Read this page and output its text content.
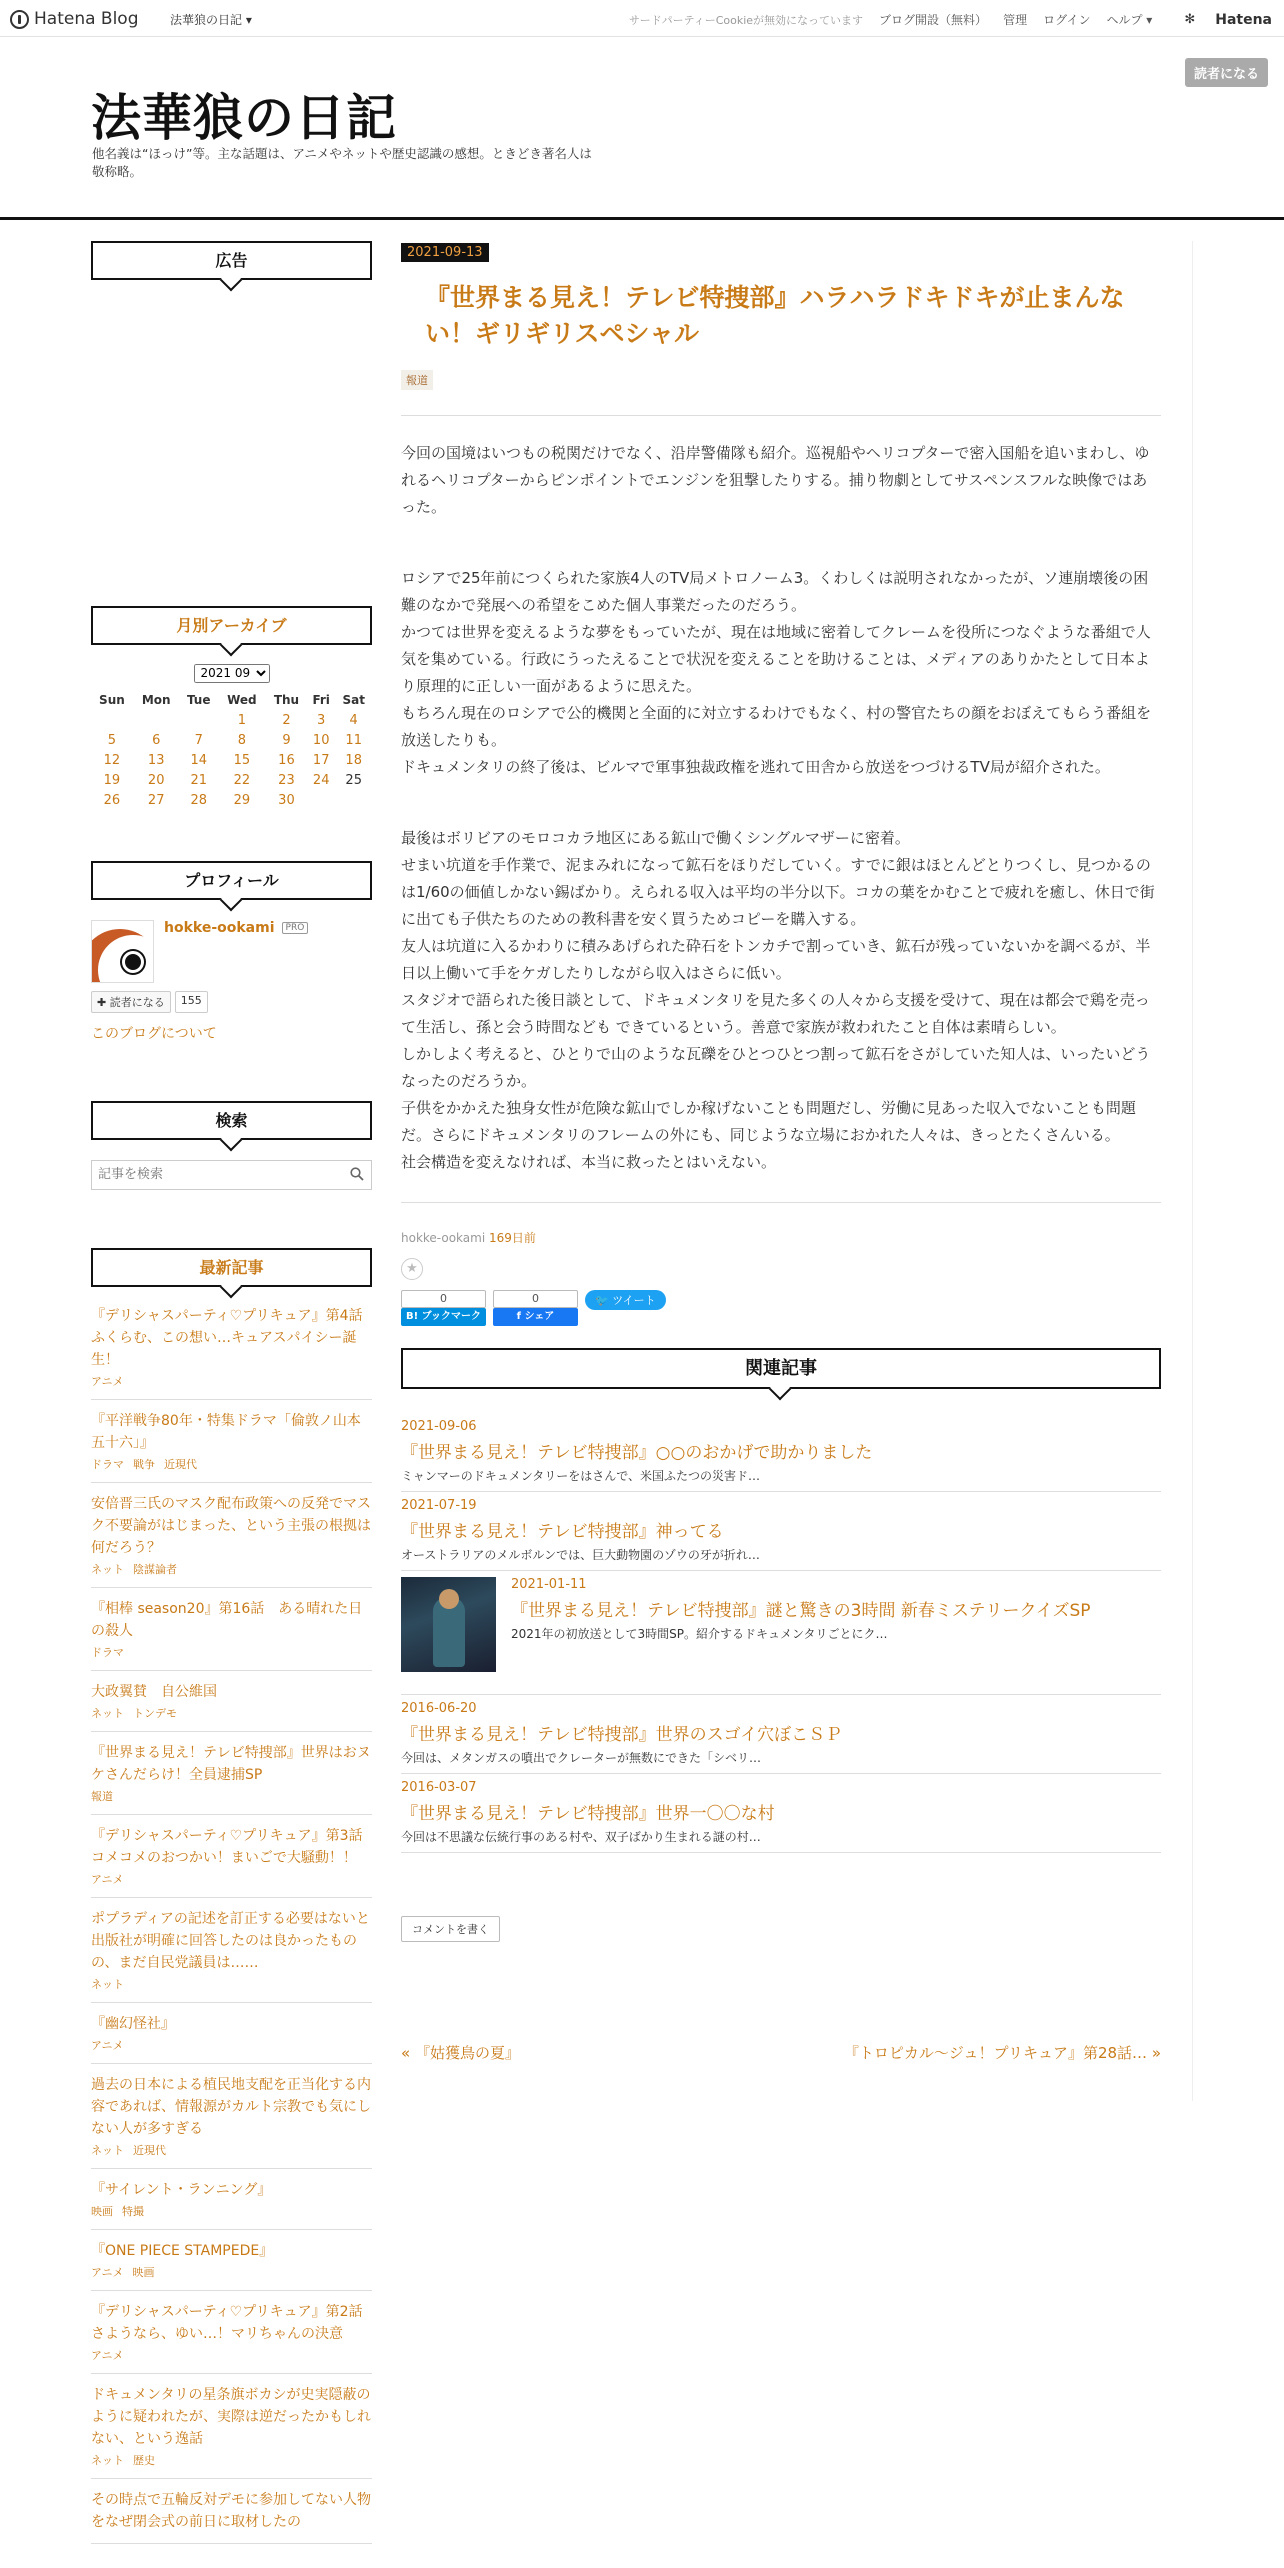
Hatena Blog	法華狼の日記 ▾	サードパーティーCookieが無効になっています ブログ開設（無料） 管理 ログイン ヘルプ ▾ ✻ Hatena
読者になる
法華狼の日記
他名義は“ほっけ”等。主な話題は、アニメやネットや歴史認識の感想。ときどき著名人は敬称略。
広告
月別アーカイブ
2021 09
Sun	Mon	Tue	Wed	Thu	Fri	Sat
			1	2	3	4
5	6	7	8	9	10	11
12	13	14	15	16	17	18
19	20	21	22	23	24	25
26	27	28	29	30		
プロフィール
hokke-ookami	PRO
✚ 読者になる	155
このブログについて
検索
記事を検索
最新記事
『デリシャスパーティ♡プリキュア』第4話　ふくらむ、この想い…キュアスパイシー誕生！
アニメ
『平洋戦争80年・特集ドラマ「倫敦ノ山本五十六」』
ドラマ 戦争 近現代
安倍晋三氏のマスク配布政策への反発でマスク不要論がはじまった、という主張の根拠は何だろう？
ネット 陰謀論者
『相棒 season20』第16話　ある晴れた日の殺人
ドラマ
大政翼賛　自公維国
ネット トンデモ
『世界まる見え！テレビ特捜部』世界はおヌケさんだらけ！全員逮捕SP
報道
『デリシャスパーティ♡プリキュア』第3話　コメコメのおつかい！まいごで大騒動！！
アニメ
ポプラディアの記述を訂正する必要はないと出版社が明確に回答したのは良かったものの、まだ自民党議員は……
ネット
『幽幻怪社』
アニメ
過去の日本による植民地支配を正当化する内容であれば、情報源がカルト宗教でも気にしない人が多すぎる
ネット 近現代
『サイレント・ランニング』
映画 特撮
『ONE PIECE STAMPEDE』
アニメ 映画
『デリシャスパーティ♡プリキュア』第2話　さようなら、ゆい…！マリちゃんの決意
アニメ
ドキュメンタリの星条旗ボカシが史実隠蔽のように疑われたが、実際は逆だったかもしれない、という逸話
ネット 歴史
その時点で五輪反対デモに参加してない人物をなぜ閉会式の前日に取材したの
2021-09-13
『世界まる見え！テレビ特捜部』ハラハラドキドキが止まんない！ギリギリスペシャル
報道

今回の国境はいつもの税関だけでなく、沿岸警備隊も紹介。巡視船やヘリコプターで密入国船を追いまわし、ゆれるヘリコプターからピンポイントでエンジンを狙撃したりする。捕り物劇としてサスペンスフルな映像ではあった。

ロシアで25年前につくられた家族4人のTV局メトロノーム3。くわしくは説明されなかったが、ソ連崩壊後の困難のなかで発展への希望をこめた個人事業だったのだろう。

かつては世界を変えるような夢をもっていたが、現在は地域に密着してクレームを役所につなぐような番組で人気を集めている。行政にうったえることで状況を変えることを助けることは、メディアのありかたとして日本より原理的に正しい一面があるように思えた。

もちろん現在のロシアで公的機関と全面的に対立するわけでもなく、村の警官たちの顔をおぼえてもらう番組を放送したりも。

ドキュメンタリの終了後は、ビルマで軍事独裁政権を逃れて田舎から放送をつづけるTV局が紹介された。

最後はボリビアのモロコカラ地区にある鉱山で働くシングルマザーに密着。

せまい坑道を手作業で、泥まみれになって鉱石をほりだしていく。すでに銀はほとんどとりつくし、見つかるのは1/60の価値しかない錫ばかり。えられる収入は平均の半分以下。コカの葉をかむことで疲れを癒し、休日で街に出ても子供たちのための教科書を安く買うためコピーを購入する。

友人は坑道に入るかわりに積みあげられた砕石をトンカチで割っていき、鉱石が残っていないかを調べるが、半日以上働いて手をケガしたりしながら収入はさらに低い。

スタジオで語られた後日談として、ドキュメンタリを見た多くの人々から支援を受けて、現在は都会で鶏を売って生活し、孫と会う時間なども できているという。善意で家族が救われたこと自体は素晴らしい。

しかしよく考えると、ひとりで山のような瓦礫をひとつひとつ割って鉱石をさがしていた知人は、いったいどうなったのだろうか。

子供をかかえた独身女性が危険な鉱山でしか稼げないことも問題だし、労働に見あった収入でないことも問題だ。さらにドキュメンタリのフレームの外にも、同じような立場におかれた人々は、きっとたくさんいる。

社会構造を変えなければ、本当に救ったとはいえない。

hokke-ookami 169日前
★
0
B! ブックマーク
0
f シェア
🐦 ツイート
関連記事
2021-09-06
『世界まる見え！テレビ特捜部』○○のおかげで助かりました
ミャンマーのドキュメンタリーをはさんで、米国ふたつの災害ド…
2021-07-19
『世界まる見え！テレビ特捜部』神ってる
オーストラリアのメルボルンでは、巨大動物園のゾウの牙が折れ…
2021-01-11
『世界まる見え！テレビ特捜部』謎と驚きの3時間 新春ミステリークイズSP
2021年の初放送として3時間SP。紹介するドキュメンタリごとにク…
2016-06-20
『世界まる見え！テレビ特捜部』世界のスゴイ穴ぼこＳＰ
今回は、メタンガスの噴出でクレーターが無数にできた「シベリ…
2016-03-07
『世界まる見え！テレビ特捜部』世界一〇〇な村
今回は不思議な伝統行事のある村や、双子ばかり生まれる謎の村…
コメントを書く
« 『姑獲鳥の夏』	『トロピカル～ジュ！プリキュア』第28話… »
